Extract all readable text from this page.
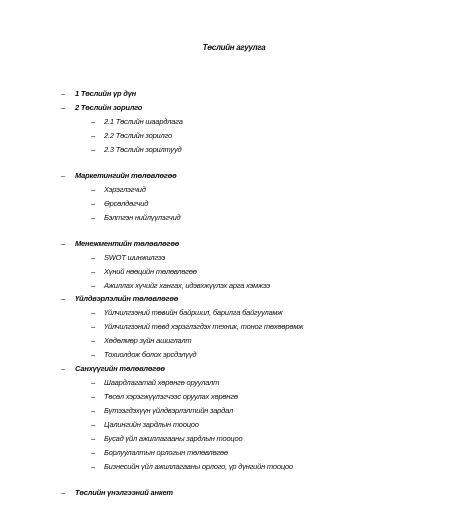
Төслийн агуулга
– 1 Төслийн үр дүн
– 2 Төслийн зорилго
– 2.1 Төслийн шаардлага
– 2.2 Төслийн зорилго
– 2.3 Төслийн зорилтууд
– Маркетингийн төлөвлөгөө
– Хэрэглэгчид
– Өрсөлдөгчид
– Бэлтгэн нийлүүлэгчид
– Менежментийн төлөвлөгөө
– SWOT шинжилгээ
– Хүний нөөцийн төлөвлөгөө
– Ажиллах хүчийг хангах, идэвхжүүлэх арга хэмжээ
– Үйлдвэрлэлийн төлөвлөгөө
– Үйлчилгээний төвийн байршил, барилга байгууламж
– Үйлчилгээний төвд хэрэглэгдэх техник, тоног төхөөрөмж
– Хөдөлмөр зүйн ашиглалт
– Тохиолдож болох эрсдэлүүд
– Санхүүгийн төлөвлөгөө
– Шаардлагатай хөрөнгө оруулалт
– Төсөл хэрэгжүүлэгчээс оруулах хөрөнгө
– Бүтээгдэхүүн үйлдвэрлэлтийн зардал
– Цалингийн зардлын тооцоо
– Бусад үйл ажиллагааны зардлын тооцоо
– Борлуулалтын орлогын төлөвлөгөө
– Бизнесийн үйл ажиллагааны орлого, үр дүнгийн тооцоо
– Төслийн үнэлгээний анкет
